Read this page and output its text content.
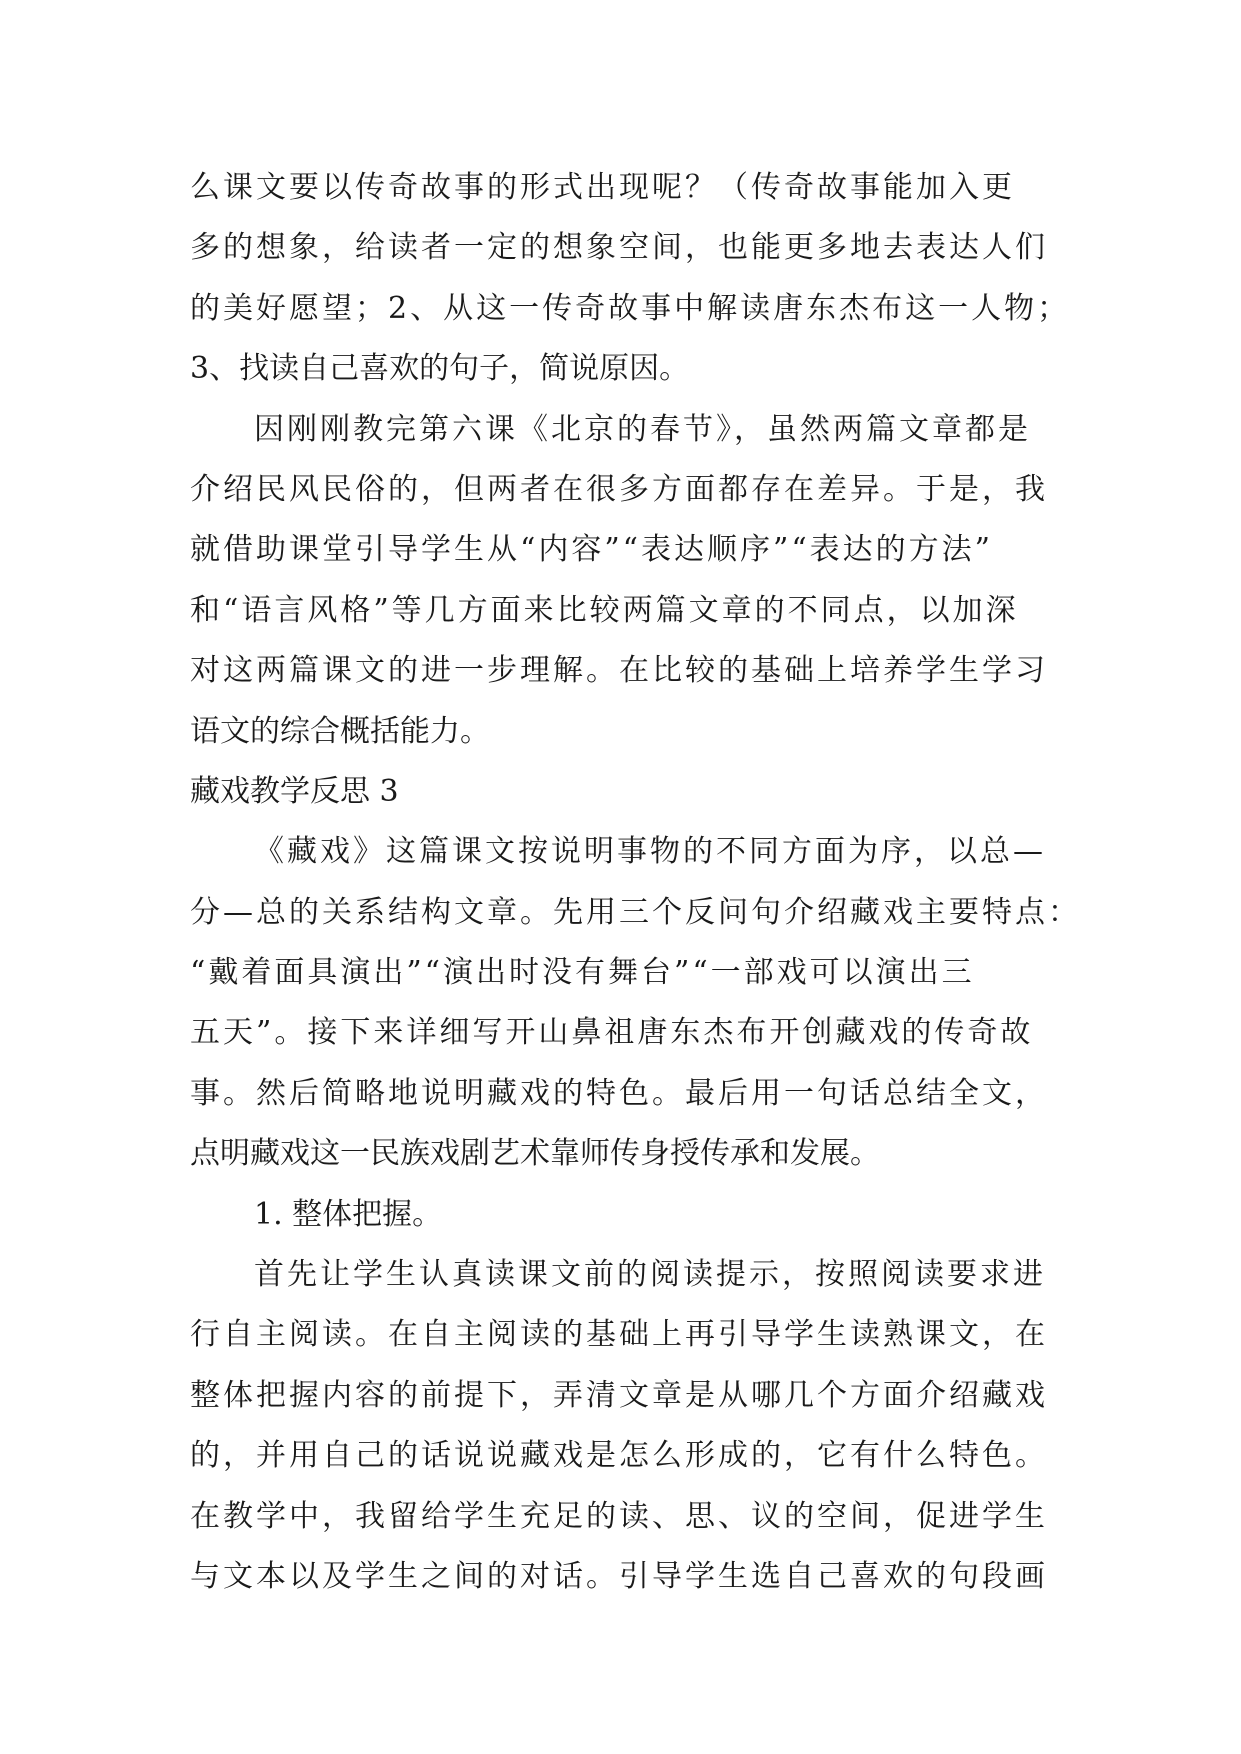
么课文要以传奇故事的形式出现呢？（传奇故事能加入更
多的想象，给读者一定的想象空间，也能更多地去表达人们
的美好愿望；2、从这一传奇故事中解读唐东杰布这一人物；
3、找读自己喜欢的句子，简说原因。
因刚刚教完第六课《北京的春节》，虽然两篇文章都是
介绍民风民俗的，但两者在很多方面都存在差异。于是，我
就借助课堂引导学生从“内容”“表达顺序”“表达的方法”
和“语言风格”等几方面来比较两篇文章的不同点，以加深
对这两篇课文的进一步理解。在比较的基础上培养学生学习
语文的综合概括能力。
藏戏教学反思 3
《藏戏》这篇课文按说明事物的不同方面为序，以总—
分—总的关系结构文章。先用三个反问句介绍藏戏主要特点：
“戴着面具演出”“演出时没有舞台”“一部戏可以演出三
五天”。接下来详细写开山鼻祖唐东杰布开创藏戏的传奇故
事。然后简略地说明藏戏的特色。最后用一句话总结全文，
点明藏戏这一民族戏剧艺术靠师传身授传承和发展。
1. 整体把握。
首先让学生认真读课文前的阅读提示，按照阅读要求进
行自主阅读。在自主阅读的基础上再引导学生读熟课文，在
整体把握内容的前提下，弄清文章是从哪几个方面介绍藏戏
的，并用自己的话说说藏戏是怎么形成的，它有什么特色。
在教学中，我留给学生充足的读、思、议的空间，促进学生
与文本以及学生之间的对话。引导学生选自己喜欢的句段画
